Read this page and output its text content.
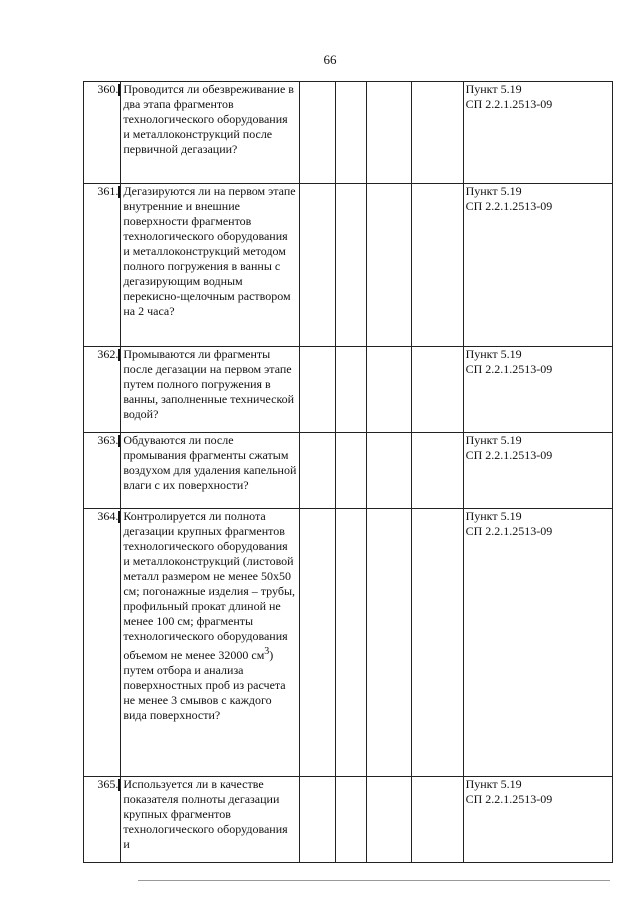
66
360.	Проводится ли обезвреживание в два этапа фрагментов технологического оборудования и металлоконструкций после первичной дегазации?					Пункт 5.19
СП 2.2.1.2513-09

361.	Дегазируются ли на первом этапе внутренние и внешние поверхности фрагментов технологического оборудования и металлоконструкций методом полного погружения в ванны с дегазирующим водным перекисно-щелочным раствором на 2 часа?					Пункт 5.19
СП 2.2.1.2513-09

362.	Промываются ли фрагменты после дегазации на первом этапе путем полного погружения в ванны, заполненные технической водой?					Пункт 5.19
СП 2.2.1.2513-09

363.	Обдуваются ли после промывания фрагменты сжатым воздухом для удаления капельной влаги с их поверхности?					Пункт 5.19
СП 2.2.1.2513-09

364.	Контролируется ли полнота дегазации крупных фрагментов технологического оборудования и металлоконструкций (листовой металл размером не менее 50х50 см; погонажные изделия – трубы, профильный прокат длиной не менее 100 см; фрагменты технологического оборудования объемом не менее 32000 $см^3$) путем отбора и анализа поверхностных проб из расчета не менее 3 смывов с каждого вида поверхности?					Пункт 5.19
СП 2.2.1.2513-09

365.	Используется ли в качестве показателя полноты дегазации крупных фрагментов технологического оборудования и					Пункт 5.19
СП 2.2.1.2513-09
